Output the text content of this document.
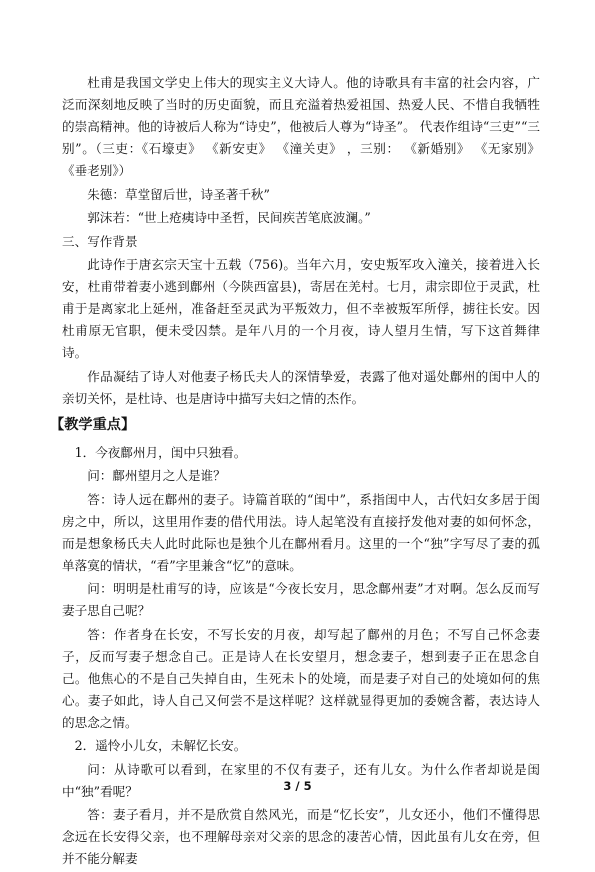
杜甫是我国文学史上伟大的现实主义大诗人。他的诗歌具有丰富的社会内容，广泛而深刻地反映了当时的历史面貌，而且充溢着热爱祖国、热爱人民、不惜自我牺牲的崇高精神。他的诗被后人称为“诗史”，他被后人尊为“诗圣”。 代表作组诗“三吏”“三别”。（三吏：《石壕吏》 《新安吏》 《潼关吏》 ，三别： 《新婚别》 《无家别》 《垂老别》）

朱德：草堂留后世，诗圣著千秋”

郭沫若：“世上疮痍诗中圣哲，民间疾苦笔底波澜。”

三、写作背景

此诗作于唐玄宗天宝十五载（756)。当年六月，安史叛军攻入潼关，接着进入长安，杜甫带着妻小逃到鄜州（今陕西富县)，寄居在羌村。七月，肃宗即位于灵武，杜甫于是离家北上延州，准备赶至灵武为平叛效力，但不幸被叛军所俘，掳往长安。因杜甫原无官职，便未受囚禁。是年八月的一个月夜，诗人望月生情，写下这首舞律诗。

作品凝结了诗人对他妻子杨氏夫人的深情挚爱，表露了他对遥处鄜州的闺中人的亲切关怀，是杜诗、也是唐诗中描写夫妇之情的杰作。

【教学重点】

1．今夜鄜州月，闺中只独看。

问：鄜州望月之人是谁？

答：诗人远在鄜州的妻子。诗篇首联的“闺中”，系指闺中人，古代妇女多居于闺房之中，所以，这里用作妻的借代用法。诗人起笔没有直接抒发他对妻的如何怀念，而是想象杨氏夫人此时此际也是独个儿在鄜州看月。这里的一个“独”字写尽了妻的孤单落寞的情状，“看”字里兼含“忆”的意味。

问：明明是杜甫写的诗，应该是“今夜长安月，思念鄜州妻”才对啊。怎么反而写妻子思自己呢？

答：作者身在长安，不写长安的月夜，却写起了鄜州的月色；不写自己怀念妻子，反而写妻子想念自己。正是诗人在长安望月，想念妻子，想到妻子正在思念自己。他焦心的不是自己失掉自由，生死未卜的处境，而是妻子对自己的处境如何的焦心。妻子如此，诗人自己又何尝不是这样呢？这样就显得更加的委婉含蓄，表达诗人的思念之情。

2．遥怜小儿女，未解忆长安。

问：从诗歌可以看到，在家里的不仅有妻子，还有儿女。为什么作者却说是闺中“独”看呢？

答：妻子看月，并不是欣赏自然风光，而是“忆长安”，儿女还小，他们不懂得思念远在长安得父亲，也不理解母亲对父亲的思念的凄苦心情，因此虽有儿女在旁，但并不能分解妻

3 / 5
